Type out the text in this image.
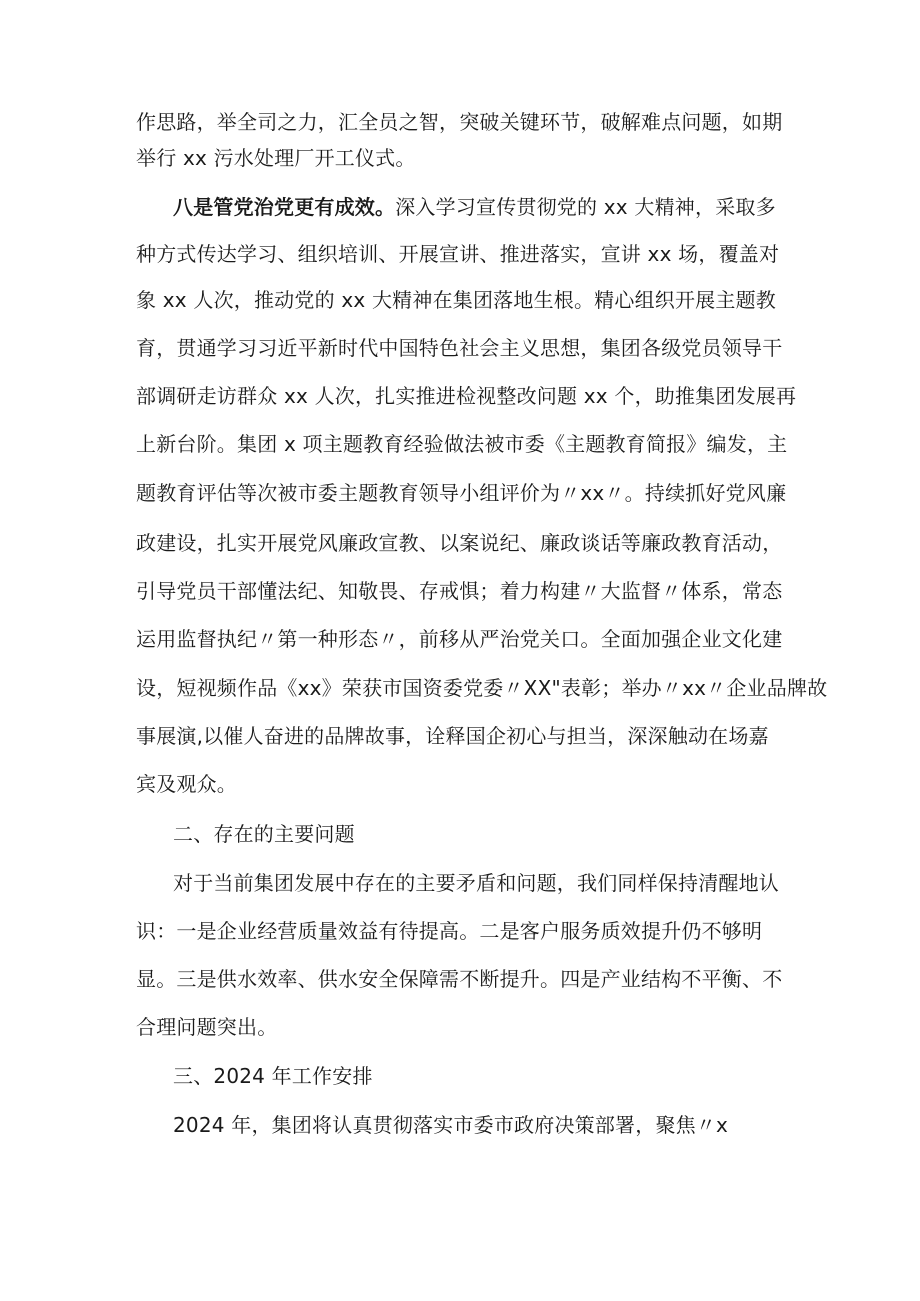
作思路，举全司之力，汇全员之智，突破关键环节，破解难点问题，如期
举行 xx 污水处理厂开工仪式。
八是管党治党更有成效。深入学习宣传贯彻党的 xx 大精神，采取多
种方式传达学习、组织培训、开展宣讲、推进落实，宣讲 xx 场，覆盖对
象 xx 人次，推动党的 xx 大精神在集团落地生根。精心组织开展主题教
育，贯通学习习近平新时代中国特色社会主义思想，集团各级党员领导干
部调研走访群众 xx 人次，扎实推进检视整改问题 xx 个，助推集团发展再
上新台阶。集团 x 项主题教育经验做法被市委《主题教育简报》编发，主
题教育评估等次被市委主题教育领导小组评价为〃xx〃。持续抓好党风廉
政建设，扎实开展党风廉政宣教、以案说纪、廉政谈话等廉政教育活动，
引导党员干部懂法纪、知敬畏、存戒惧；着力构建〃大监督〃体系，常态
运用监督执纪〃第一种形态〃，前移从严治党关口。全面加强企业文化建
设，短视频作品《xx》荣获市国资委党委〃XX"表彰；举办〃xx〃企业品牌故
事展演,以催人奋进的品牌故事，诠释国企初心与担当，深深触动在场嘉
宾及观众。
二、存在的主要问题
对于当前集团发展中存在的主要矛盾和问题，我们同样保持清醒地认
识：一是企业经营质量效益有待提高。二是客户服务质效提升仍不够明
显。三是供水效率、供水安全保障需不断提升。四是产业结构不平衡、不
合理问题突出。
三、2024 年工作安排
2024 年，集团将认真贯彻落实市委市政府决策部署，聚焦〃x
